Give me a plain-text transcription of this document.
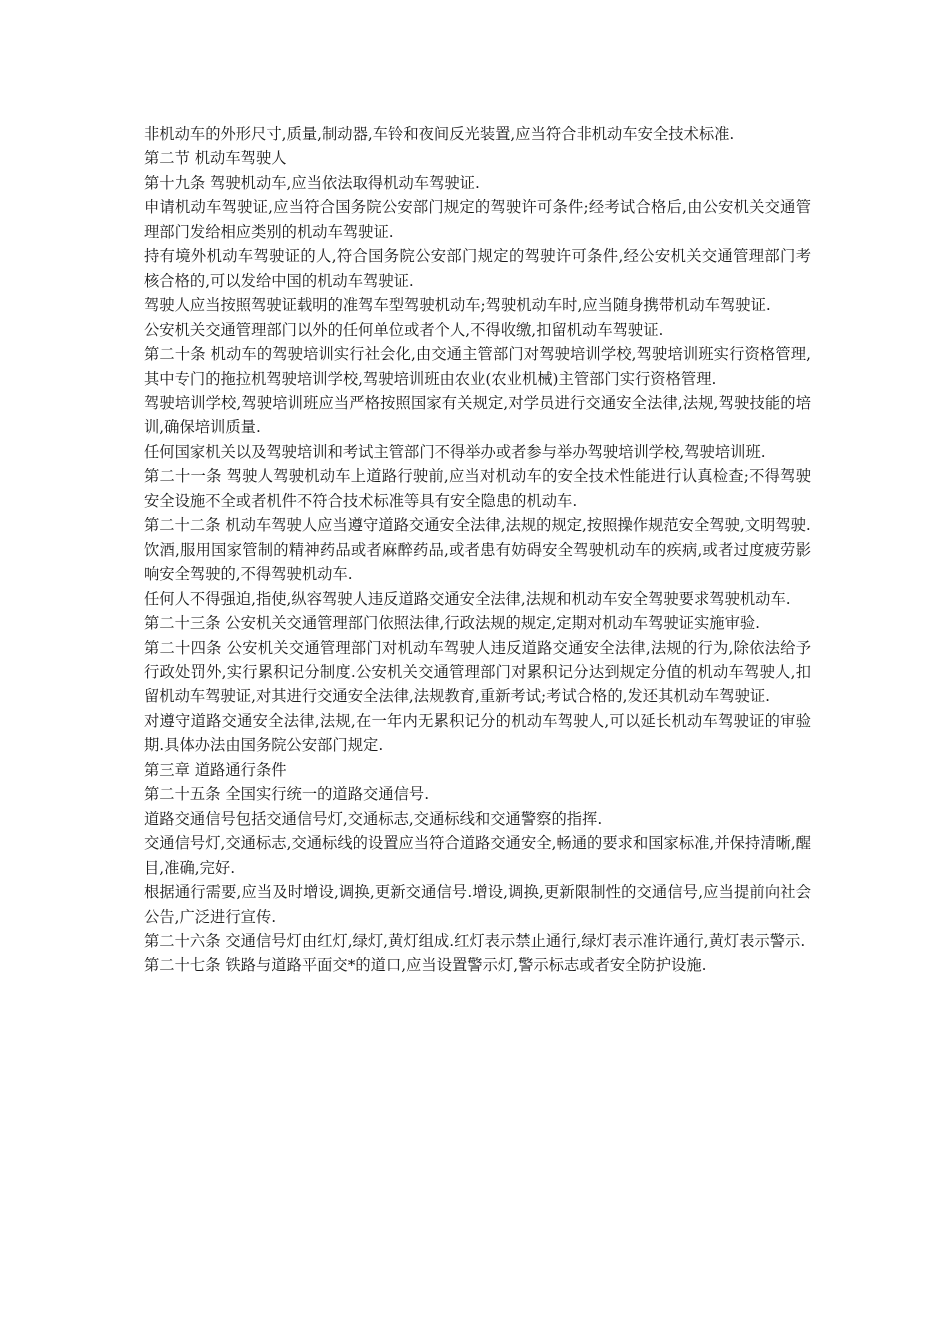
非机动车的外形尺寸,质量,制动器,车铃和夜间反光装置,应当符合非机动车安全技术标准.

第二节 机动车驾驶人

第十九条 驾驶机动车,应当依法取得机动车驾驶证.

申请机动车驾驶证,应当符合国务院公安部门规定的驾驶许可条件;经考试合格后,由公安机关交通管理部门发给相应类别的机动车驾驶证.

持有境外机动车驾驶证的人,符合国务院公安部门规定的驾驶许可条件,经公安机关交通管理部门考核合格的,可以发给中国的机动车驾驶证.

驾驶人应当按照驾驶证载明的准驾车型驾驶机动车;驾驶机动车时,应当随身携带机动车驾驶证.

公安机关交通管理部门以外的任何单位或者个人,不得收缴,扣留机动车驾驶证.

第二十条 机动车的驾驶培训实行社会化,由交通主管部门对驾驶培训学校,驾驶培训班实行资格管理,其中专门的拖拉机驾驶培训学校,驾驶培训班由农业(农业机械)主管部门实行资格管理.

驾驶培训学校,驾驶培训班应当严格按照国家有关规定,对学员进行交通安全法律,法规,驾驶技能的培训,确保培训质量.

任何国家机关以及驾驶培训和考试主管部门不得举办或者参与举办驾驶培训学校,驾驶培训班.

第二十一条 驾驶人驾驶机动车上道路行驶前,应当对机动车的安全技术性能进行认真检查;不得驾驶安全设施不全或者机件不符合技术标准等具有安全隐患的机动车.

第二十二条 机动车驾驶人应当遵守道路交通安全法律,法规的规定,按照操作规范安全驾驶,文明驾驶.

饮酒,服用国家管制的精神药品或者麻醉药品,或者患有妨碍安全驾驶机动车的疾病,或者过度疲劳影响安全驾驶的,不得驾驶机动车.

任何人不得强迫,指使,纵容驾驶人违反道路交通安全法律,法规和机动车安全驾驶要求驾驶机动车.

第二十三条 公安机关交通管理部门依照法律,行政法规的规定,定期对机动车驾驶证实施审验.

第二十四条 公安机关交通管理部门对机动车驾驶人违反道路交通安全法律,法规的行为,除依法给予行政处罚外,实行累积记分制度.公安机关交通管理部门对累积记分达到规定分值的机动车驾驶人,扣留机动车驾驶证,对其进行交通安全法律,法规教育,重新考试;考试合格的,发还其机动车驾驶证.

对遵守道路交通安全法律,法规,在一年内无累积记分的机动车驾驶人,可以延长机动车驾驶证的审验期.具体办法由国务院公安部门规定.

第三章 道路通行条件

第二十五条 全国实行统一的道路交通信号.

道路交通信号包括交通信号灯,交通标志,交通标线和交通警察的指挥.

交通信号灯,交通标志,交通标线的设置应当符合道路交通安全,畅通的要求和国家标准,并保持清晰,醒目,准确,完好.

根据通行需要,应当及时增设,调换,更新交通信号.增设,调换,更新限制性的交通信号,应当提前向社会公告,广泛进行宣传.

第二十六条 交通信号灯由红灯,绿灯,黄灯组成.红灯表示禁止通行,绿灯表示准许通行,黄灯表示警示.

第二十七条 铁路与道路平面交*的道口,应当设置警示灯,警示标志或者安全防护设施.
